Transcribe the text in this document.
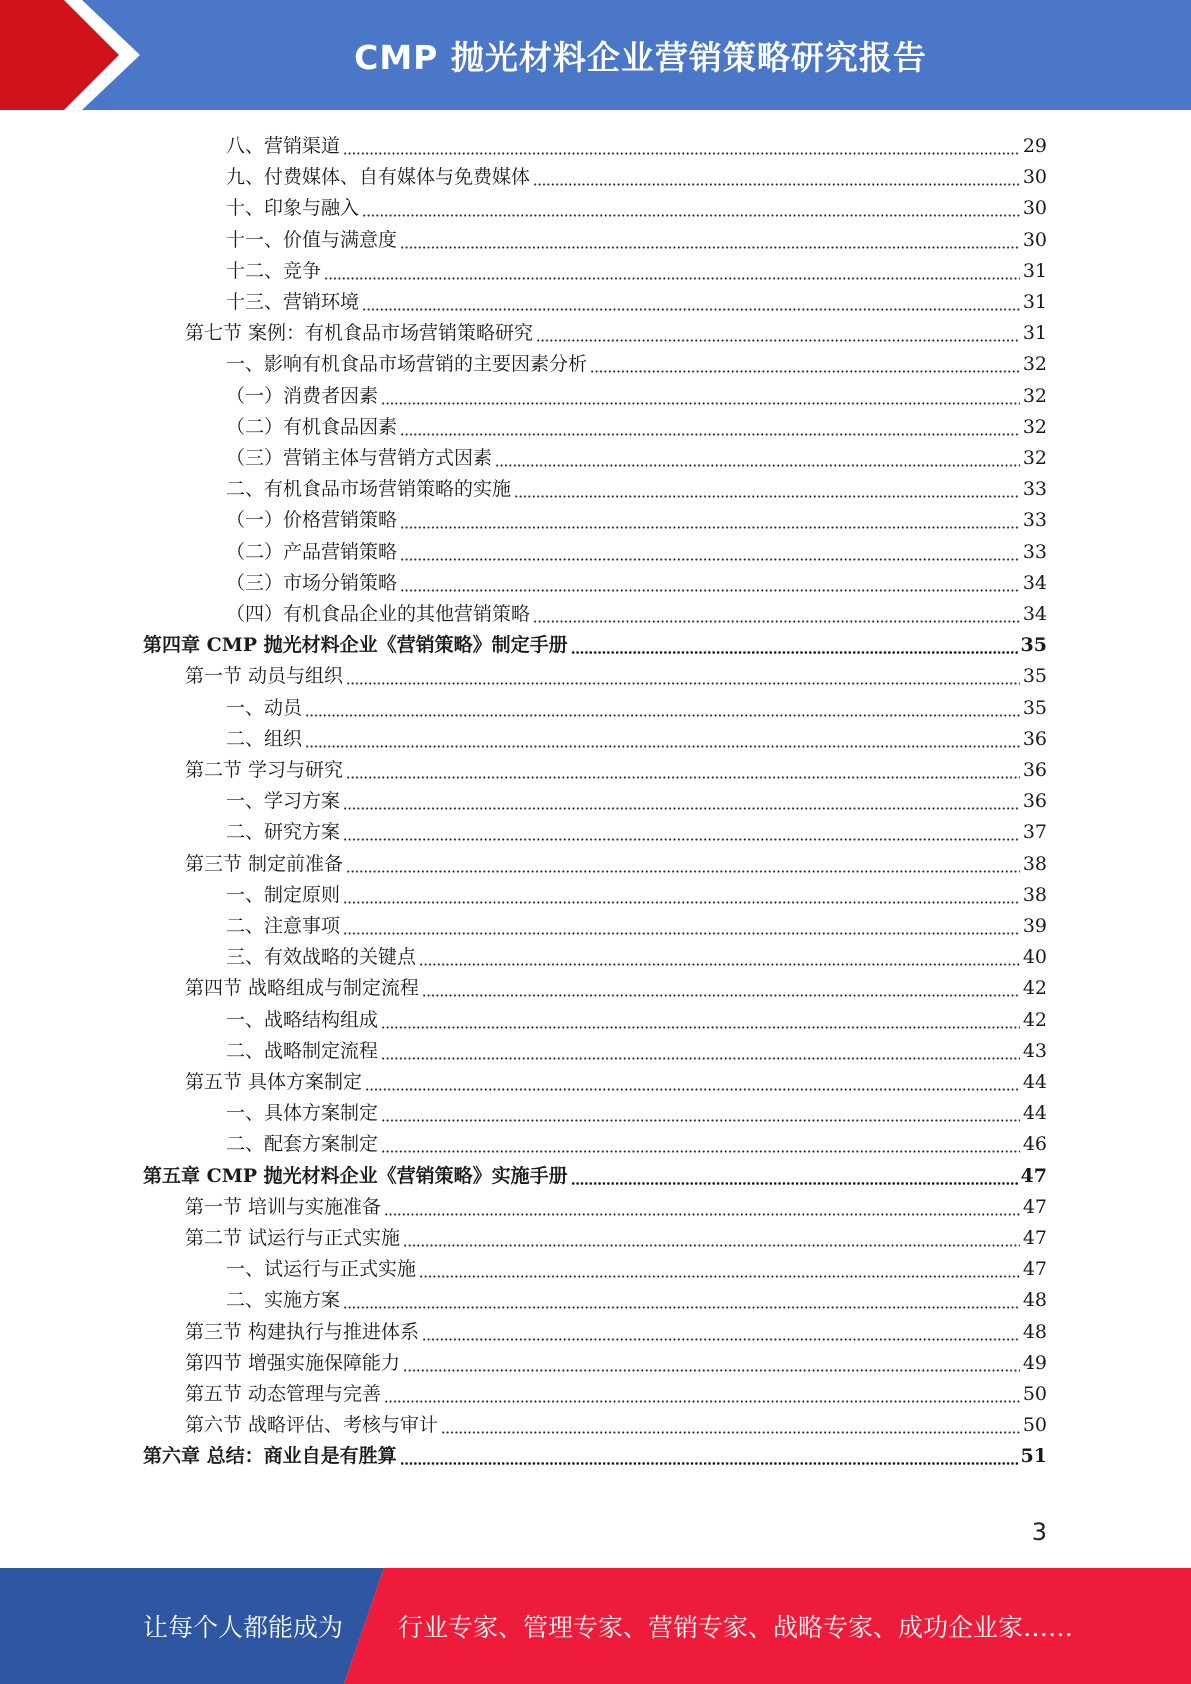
CMP 抛光材料企业营销策略研究报告
八、营销渠道	29
九、付费媒体、自有媒体与免费媒体	30
十、印象与融入	30
十一、价值与满意度	30
十二、竞争	31
十三、营销环境	31
第七节 案例：有机食品市场营销策略研究	31
一、影响有机食品市场营销的主要因素分析	32
（一）消费者因素	32
（二）有机食品因素	32
（三）营销主体与营销方式因素	32
二、有机食品市场营销策略的实施	33
（一）价格营销策略	33
（二）产品营销策略	33
（三）市场分销策略	34
（四）有机食品企业的其他营销策略	34
第四章 CMP 抛光材料企业《营销策略》制定手册	35
第一节 动员与组织	35
一、动员	35
二、组织	36
第二节 学习与研究	36
一、学习方案	36
二、研究方案	37
第三节 制定前准备	38
一、制定原则	38
二、注意事项	39
三、有效战略的关键点	40
第四节 战略组成与制定流程	42
一、战略结构组成	42
二、战略制定流程	43
第五节 具体方案制定	44
一、具体方案制定	44
二、配套方案制定	46
第五章 CMP 抛光材料企业《营销策略》实施手册	47
第一节 培训与实施准备	47
第二节 试运行与正式实施	47
一、试运行与正式实施	47
二、实施方案	48
第三节 构建执行与推进体系	48
第四节 增强实施保障能力	49
第五节 动态管理与完善	50
第六节 战略评估、考核与审计	50
第六章 总结：商业自是有胜算	51
3
让每个人都能成为 行业专家、管理专家、营销专家、战略专家、成功企业家……
